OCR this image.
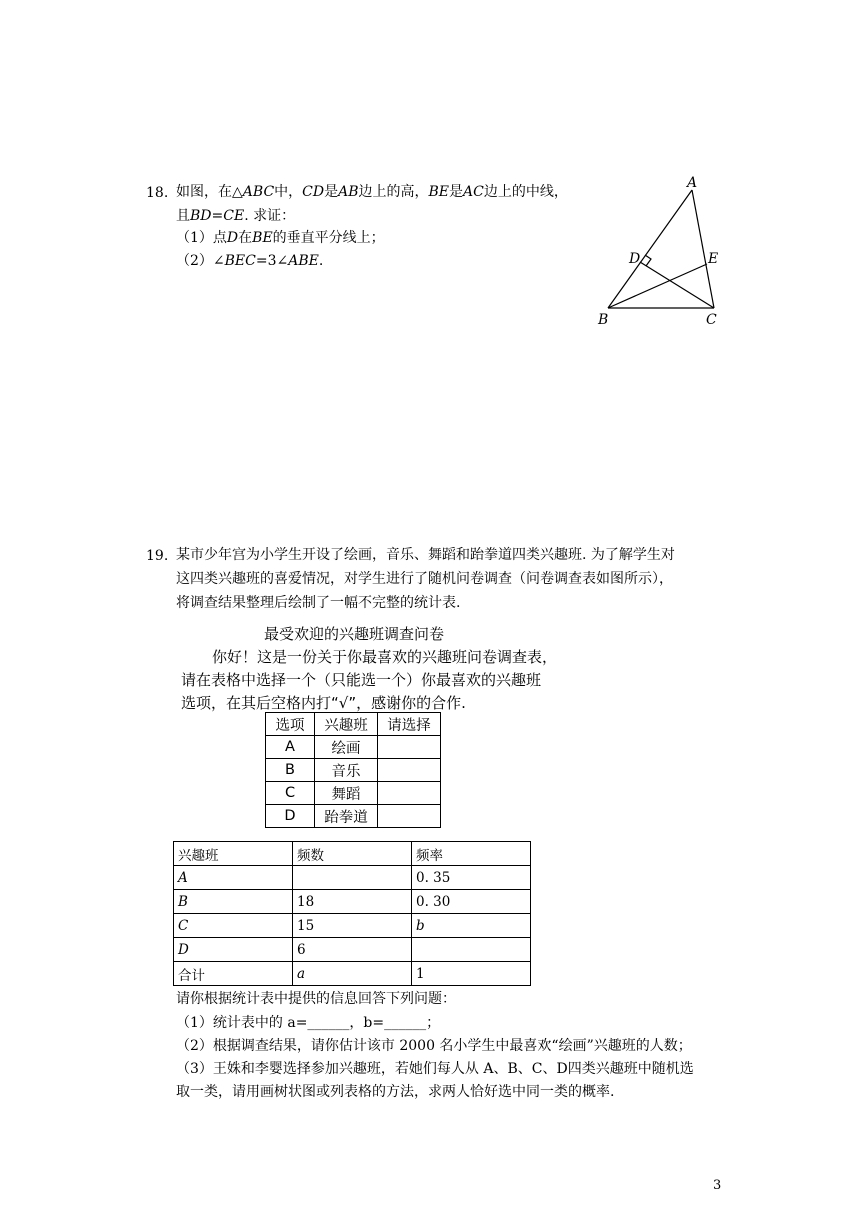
18. 如图，在△ABC中，CD是AB边上的高，BE是AC边上的中线，
且BD=CE. 求证：
（1）点D在BE的垂直平分线上；
（2）∠BEC=3∠ABE.
A
B	C
D	E
19. 某市少年宫为小学生开设了绘画，音乐、舞蹈和跆拳道四类兴趣班. 为了解学生对
这四类兴趣班的喜爱情况，对学生进行了随机问卷调查（问卷调查表如图所示），
将调查结果整理后绘制了一幅不完整的统计表.
最受欢迎的兴趣班调查问卷
你好！这是一份关于你最喜欢的兴趣班问卷调查表，
请在表格中选择一个（只能选一个）你最喜欢的兴趣班
选项，在其后空格内打“√”，感谢你的合作.
选项	兴趣班	请选择
A	绘画	
B	音乐	
C	舞蹈	
D	跆拳道	
兴趣班	频数	频率
A		0. 35
B	18	0. 30
C	15	b
D	6	
合计	a	1
请你根据统计表中提供的信息回答下列问题：
（1）统计表中的 a=______，b=______；
（2）根据调查结果，请你估计该市 2000 名小学生中最喜欢“绘画”兴趣班的人数；
（3）王姝和李婴选择参加兴趣班，若她们每人从 A、B、C、D四类兴趣班中随机选
取一类，请用画树状图或列表格的方法，求两人恰好选中同一类的概率.
3
